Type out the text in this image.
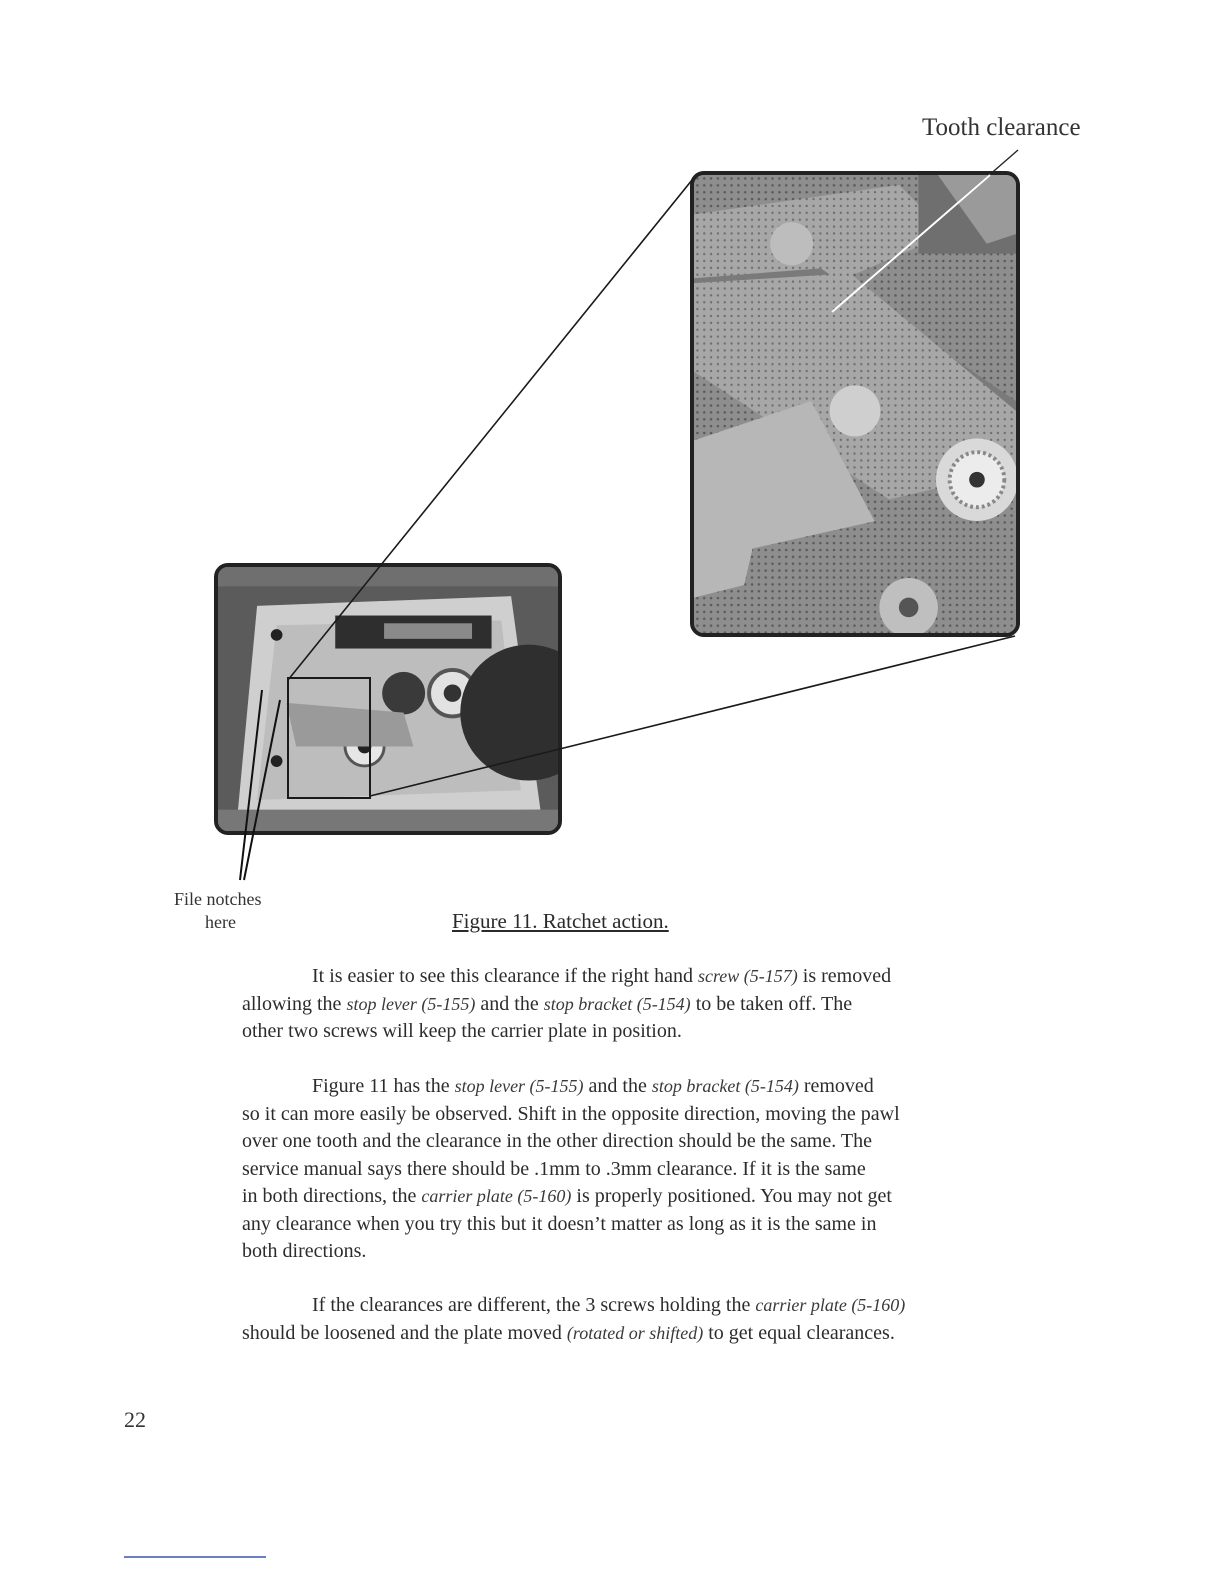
Tooth clearance
File notches
here	Figure 11. Ratchet action.
It is easier to see this clearance if the right hand screw (5-157) is removed
allowing the stop lever (5-155) and the stop bracket (5-154) to be taken off. The
other two screws will keep the carrier plate in position.
Figure 11 has the stop lever (5-155) and the stop bracket (5-154) removed
so it can more easily be observed. Shift in the opposite direction, moving the pawl
over one tooth and the clearance in the other direction should be the same. The
service manual says there should be .1mm to .3mm clearance. If it is the same
in both directions, the carrier plate (5-160) is properly positioned. You may not get
any clearance when you try this but it doesn’t matter as long as it is the same in
both directions.
If the clearances are different, the 3 screws holding the carrier plate (5-160)
should be loosened and the plate moved (rotated or shifted) to get equal clearances.
22
